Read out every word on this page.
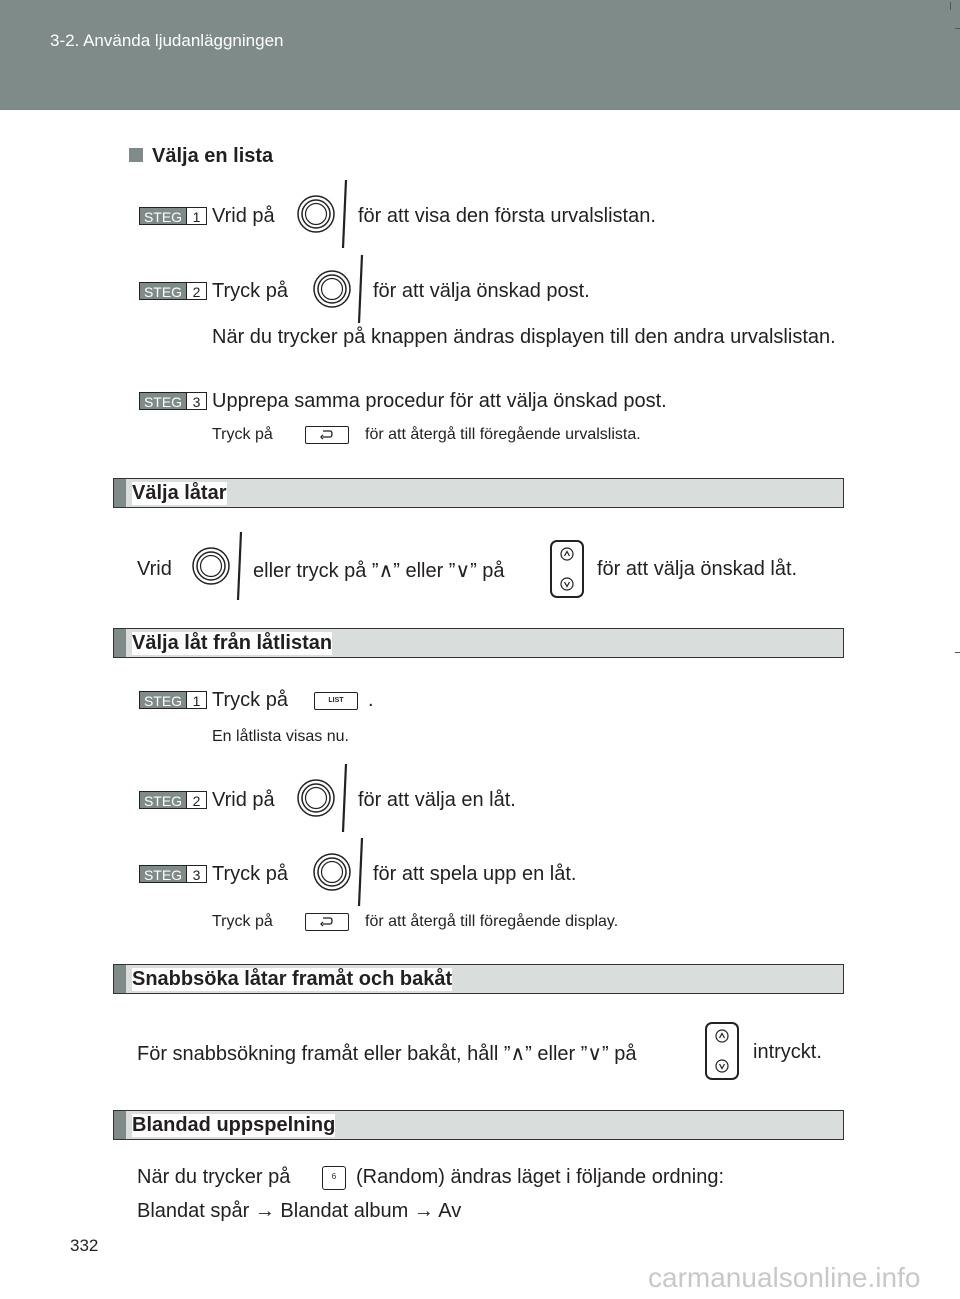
3-2. Använda ljudanläggningen
Välja en lista
STEG 1 Vrid på	för att visa den första urvalslistan.
STEG 2 Tryck på	för att välja önskad post.
När du trycker på knappen ändras displayen till den andra urvalslistan.
STEG 3 Upprepa samma procedur för att välja önskad post.
Tryck på	för att återgå till föregående urvalslista.
Välja låtar
Vrid	eller tryck på ”∧” eller ”∨” på	för att välja önskad låt.
Välja låt från låtlistan
STEG 1 Tryck på	LIST	.
En låtlista visas nu.
STEG 2 Vrid på	för att välja en låt.
STEG 3 Tryck på	för att spela upp en låt.
Tryck på	för att återgå till föregående display.
Snabbsöka låtar framåt och bakåt
För snabbsökning framåt eller bakåt, håll ”∧” eller ”∨” på	intryckt.
Blandad uppspelning
När du trycker på	6 (Random) ändras läget i följande ordning:
Blandat spår → Blandat album → Av
332
carmanualsonline.info
